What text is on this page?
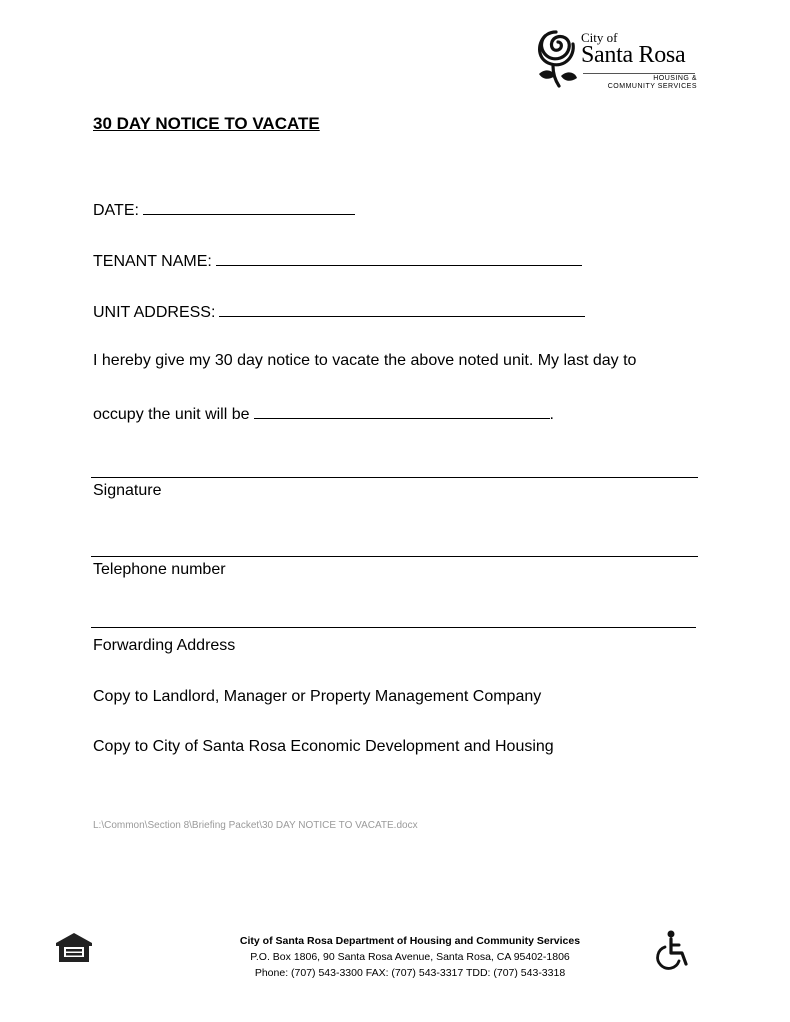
City of
Santa Rosa
HOUSING &
COMMUNITY SERVICES
30 DAY NOTICE TO VACATE
DATE:
TENANT NAME:
UNIT ADDRESS:
I hereby give my 30 day notice to vacate the above noted unit. My last day to
occupy the unit will be	.
Signature
Telephone number
Forwarding Address
Copy to Landlord, Manager or Property Management Company
Copy to City of Santa Rosa Economic Development and Housing
L:\Common\Section 8\Briefing Packet\30 DAY NOTICE TO VACATE.docx
City of Santa Rosa Department of Housing and Community Services
P.O. Box 1806, 90 Santa Rosa Avenue, Santa Rosa, CA 95402-1806
Phone: (707) 543-3300 FAX: (707) 543-3317 TDD: (707) 543-3318
